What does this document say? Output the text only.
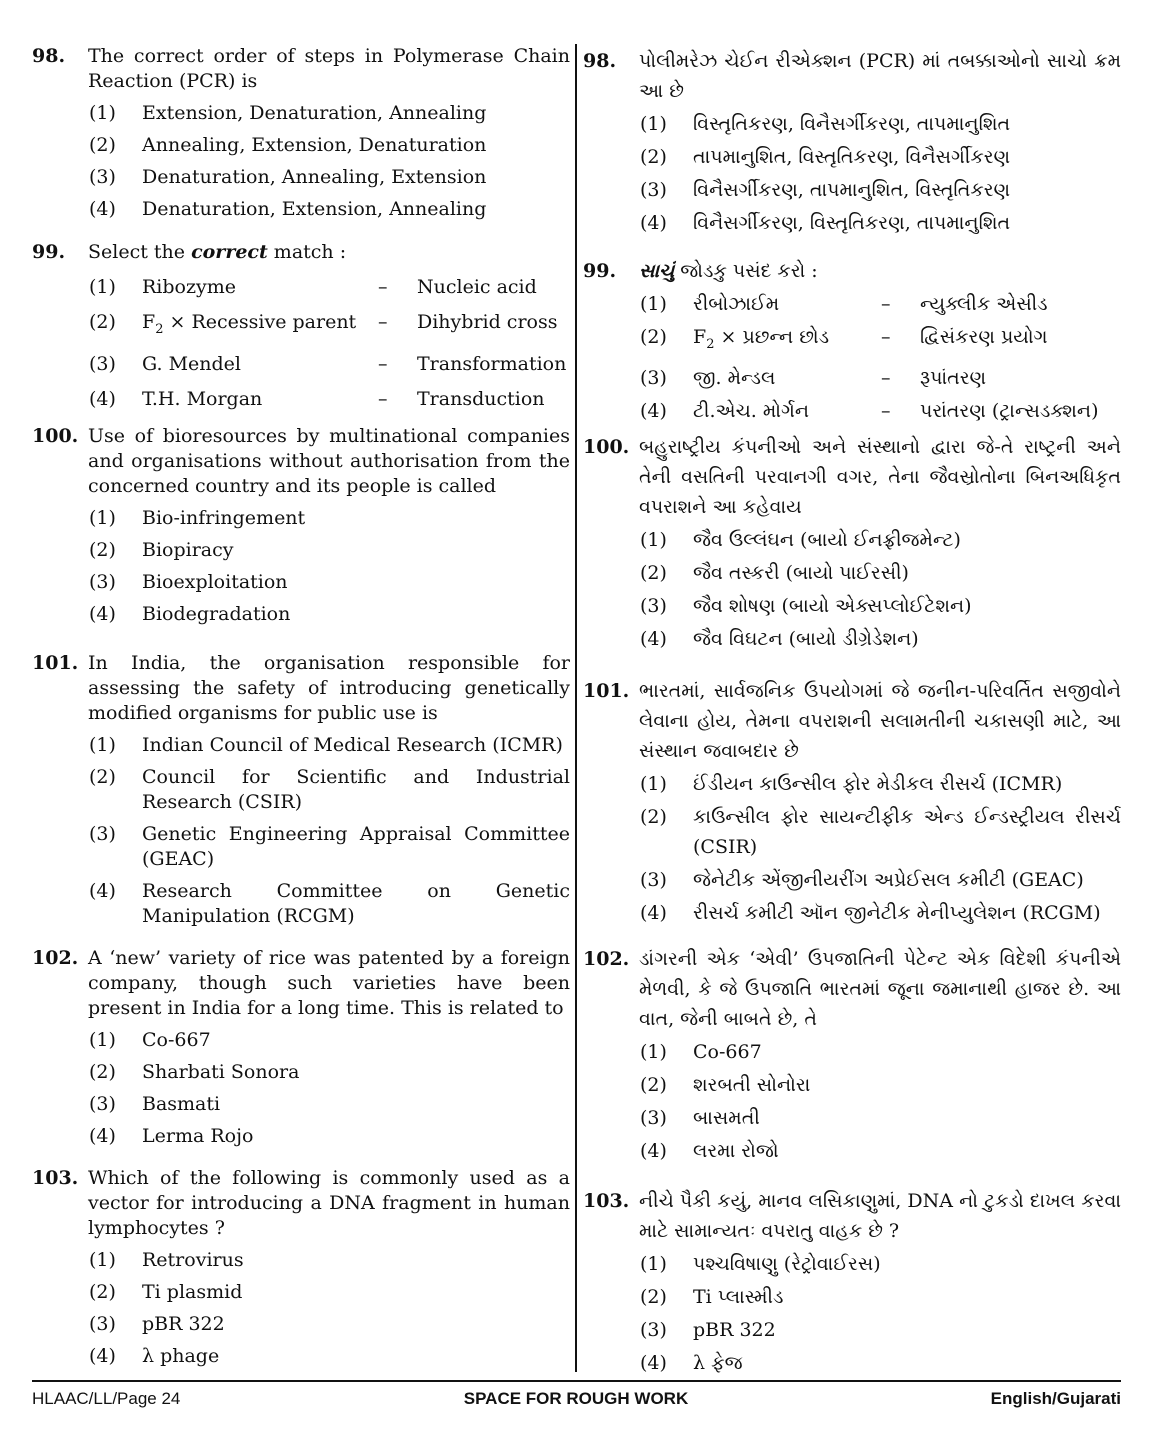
98.	The correct order of steps in Polymerase Chain Reaction (PCR) is
(1)	Extension, Denaturation, Annealing
(2)	Annealing, Extension, Denaturation
(3)	Denaturation, Annealing, Extension
(4)	Denaturation, Extension, Annealing
99.	Select the correct match :
(1)	Ribozyme	–	Nucleic acid
(2)	$F_2$ × Recessive parent	–	Dihybrid cross
(3)	G. Mendel	–	Transformation
(4)	T.H. Morgan	–	Transduction
100. Use of bioresources by multinational companies and organisations without authorisation from the concerned country and its people is called
(1)	Bio-infringement
(2)	Biopiracy
(3)	Bioexploitation
(4)	Biodegradation
101. In India, the organisation responsible for assessing the safety of introducing genetically modified organisms for public use is
(1)	Indian Council of Medical Research (ICMR)
(2)	Council for Scientific and Industrial Research (CSIR)
(3)	Genetic Engineering Appraisal Committee (GEAC)
(4)	Research Committee on Genetic Manipulation (RCGM)
102. A ‘new’ variety of rice was patented by a foreign company, though such varieties have been present in India for a long time. This is related to
(1)	Co-667
(2)	Sharbati Sonora
(3)	Basmati
(4)	Lerma Rojo
103. Which of the following is commonly used as a vector for introducing a DNA fragment in human lymphocytes ?
(1)	Retrovirus
(2)	Ti plasmid
(3)	pBR 322
(4)	λ phage
98.	પોલીમરેઝ ચેઈન રીએક્શન (PCR) માં તબક્કાઓનો સાચો ક્રમ આ છે
(1)	વિસ્તૃતિકરણ, વિનૈસર્ગીકરણ, તાપમાનુશિત
(2)	તાપમાનુશિત, વિસ્તૃતિકરણ, વિનૈસર્ગીકરણ
(3)	વિનૈસર્ગીકરણ, તાપમાનુશિત, વિસ્તૃતિકરણ
(4)	વિનૈસર્ગીકરણ, વિસ્તૃતિકરણ, તાપમાનુશિત
99.	સાચું જોડકુ પસંદ કરો :
(1)	રીબોઝાઈમ	–	ન્યુક્લીક એસીડ
(2)	$F_2$ × પ્રછન્ન છોડ	–	દ્વિસંકરણ પ્રયોગ
(3)	જી. મેન્ડલ	–	રૂપાંતરણ
(4)	ટી.એચ. મોર્ગન	–	પરાંતરણ (ટ્રાન્સડક્શન)
100. બહુરાષ્ટ્રીય કંપનીઓ અને સંસ્થાનો દ્વારા જે-તે રાષ્ટ્રની અને તેની વસતિની પરવાનગી વગર, તેના જૈવસ્રોતોના બિનઅધિકૃત વપરાશને આ કહેવાય
(1)	જૈવ ઉલ્લંઘન (બાયો ઈનફ્રીજમેન્ટ)
(2)	જૈવ તસ્કરી (બાયો પાઈરસી)
(3)	જૈવ શોષણ (બાયો એક્સપ્લોઈટેશન)
(4)	જૈવ વિઘટન (બાયો ડીગ્રેડેશન)
101. ભારતમાં, સાર્વજનિક ઉપયોગમાં જે જનીન-પરિવર્તિત સજીવોને લેવાના હોય, તેમના વપરાશની સલામતીની ચકાસણી માટે, આ સંસ્થાન જવાબદાર છે
(1)	ઈંડીયન કાઉન્સીલ ફોર મેડીકલ રીસર્ચ (ICMR)
(2)	કાઉન્સીલ ફોર સાયન્ટીફીક એન્ડ ઈન્ડસ્ટ્રીયલ રીસર્ચ (CSIR)
(3)	જેનેટીક એંજીનીયરીંગ અપ્રેઈસલ કમીટી (GEAC)
(4)	રીસર્ચ કમીટી ઑન જીનેટીક મેનીપ્યુલેશન (RCGM)
102. ડાંગરની એક ‘એવી’ ઉપજાતિની પેટેન્ટ એક વિદેશી કંપનીએ મેળવી, કે જે ઉપજાતિ ભારતમાં જૂના જમાનાથી હાજર છે. આ વાત, જેની બાબતે છે, તે
(1)	Co-667
(2)	શરબતી સોનોરા
(3)	બાસમતી
(4)	લરમા રોજો
103. નીચે પૈકી કયું, માનવ લસિકાણુમાં, DNA નો ટુકડો દાખલ કરવા માટે સામાન્યતઃ વપરાતુ વાહક છે ?
(1)	પશ્ચવિષાણુ (રેટ્રોવાઈરસ)
(2)	Ti પ્લાસ્મીડ
(3)	pBR 322
(4)	λ ફેજ
HLAAC/LL/Page 24	SPACE FOR ROUGH WORK	English/Gujarati
